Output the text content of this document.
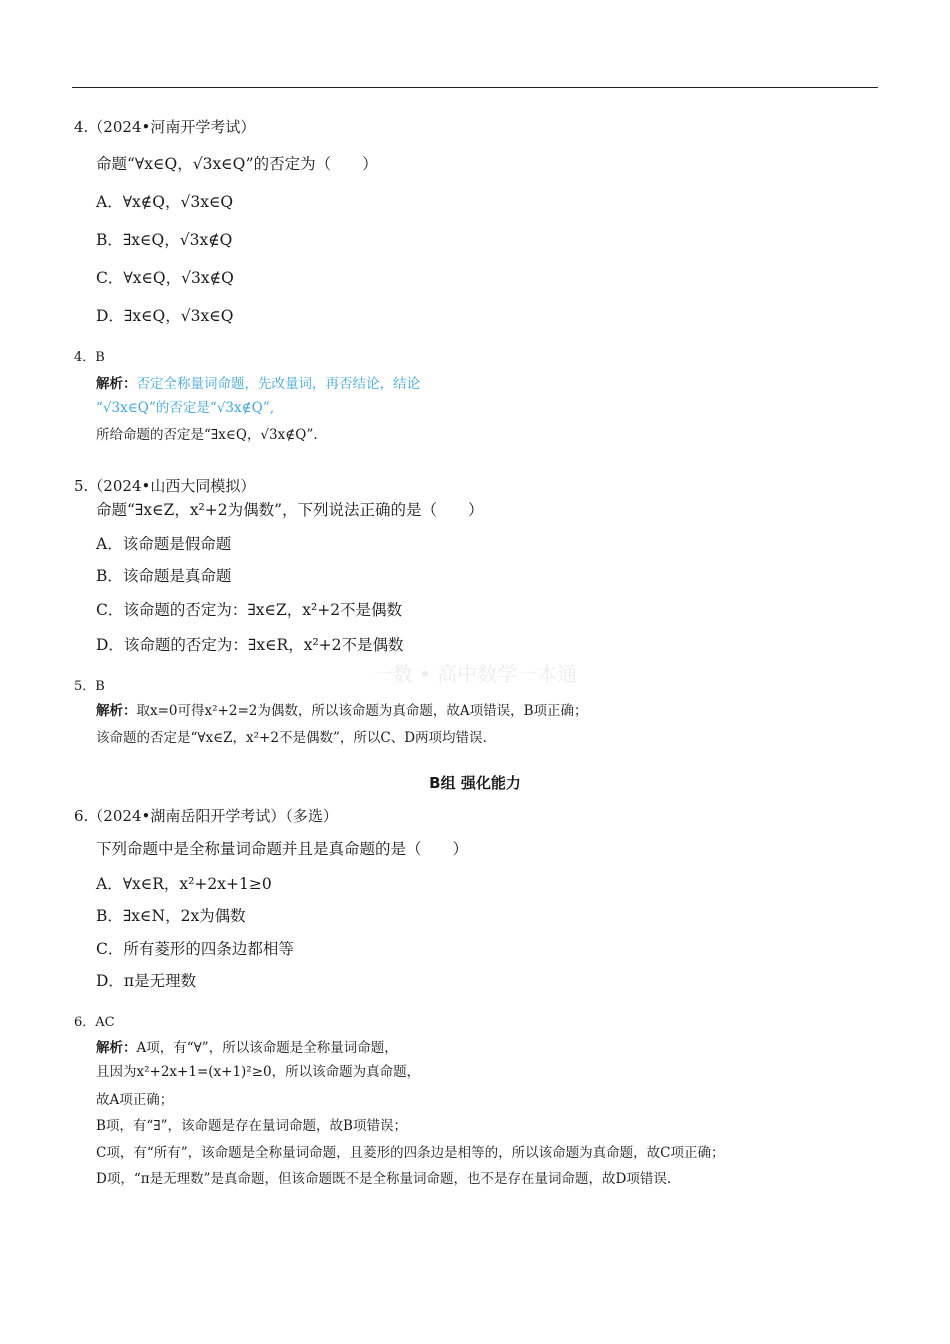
4.（2024•河南开学考试）
命题“∀x∈Q，√3x∈Q”的否定为（　　）
A．∀x∉Q，√3x∈Q
B．∃x∈Q，√3x∉Q
C．∀x∈Q，√3x∉Q
D．∃x∈Q，√3x∈Q
4．B
解析：否定全称量词命题，先改量词，再否结论，结论
“√3x∈Q”的否定是“√3x∉Q”,
所给命题的否定是“∃x∈Q，√3x∉Q”.
5.（2024•山西大同模拟）
命题“∃x∈Z，x²+2为偶数”，下列说法正确的是（　　）
A．该命题是假命题
B．该命题是真命题
C．该命题的否定为：∃x∈Z，x²+2不是偶数
D．该命题的否定为：∃x∈R，x²+2不是偶数
一数 • 高中数学一本通
5．B
解析：取x=0可得x²+2=2为偶数，所以该命题为真命题，故A项错误，B项正确；
该命题的否定是“∀x∈Z，x²+2不是偶数”，所以C、D两项均错误.
B组 强化能力
6.（2024•湖南岳阳开学考试）（多选）
下列命题中是全称量词命题并且是真命题的是（　　）
A．∀x∈R，x²+2x+1≥0
B．∃x∈N，2x为偶数
C．所有菱形的四条边都相等
D．π是无理数
6．AC
解析：A项，有“∀”，所以该命题是全称量词命题，
且因为x²+2x+1=(x+1)²≥0，所以该命题为真命题，
故A项正确；
B项，有“∃”，该命题是存在量词命题，故B项错误；
C项，有“所有”，该命题是全称量词命题，且菱形的四条边是相等的，所以该命题为真命题，故C项正确；
D项，“π是无理数”是真命题，但该命题既不是全称量词命题，也不是存在量词命题，故D项错误.
